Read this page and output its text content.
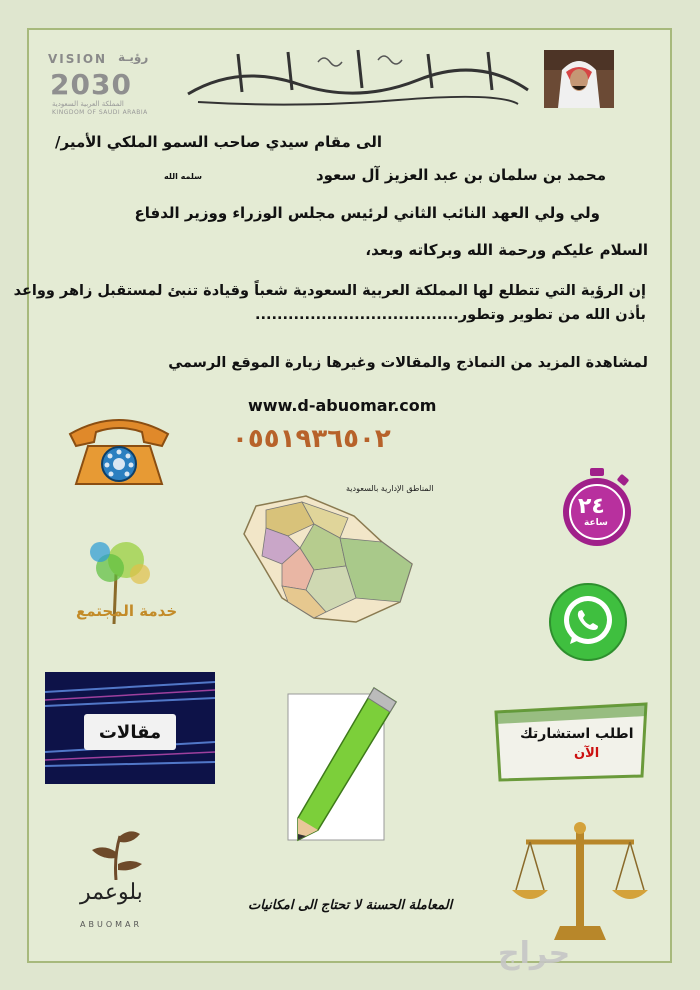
VISION رؤيـة
2030
المملكة العربية السعودية
KINGDOM OF SAUDI ARABIA
الى مقام سيدي صاحب السمو الملكي الأمير/
محمد بن سلمان بن عبد العزيز آل سعود
سلمه الله
ولي ولي العهد النائب الثاني لرئيس مجلس الوزراء ووزير الدفاع
السلام عليكم ورحمة الله وبركاته وبعد،
إن الرؤية التي تتطلع لها المملكة العربية السعودية شعباً وقيادة تنبئ لمستقبل زاهر وواعد
بأذن الله من تطوير وتطور.....................................
لمشاهدة المزيد من النماذج والمقالات وغيرها زيارة الموقع الرسمي
www.d-abuomar.com
٠٥٥١٩٣٦٥٠٢
المناطق الإدارية بالسعودية
٢٤
ساعة
خدمة المجتمع
مقالات	اطلب استشارتك
الآن
بلوعمر
ABUOMAR
المعاملة الحسنة لا تحتاج الى امكانيات
حراج
